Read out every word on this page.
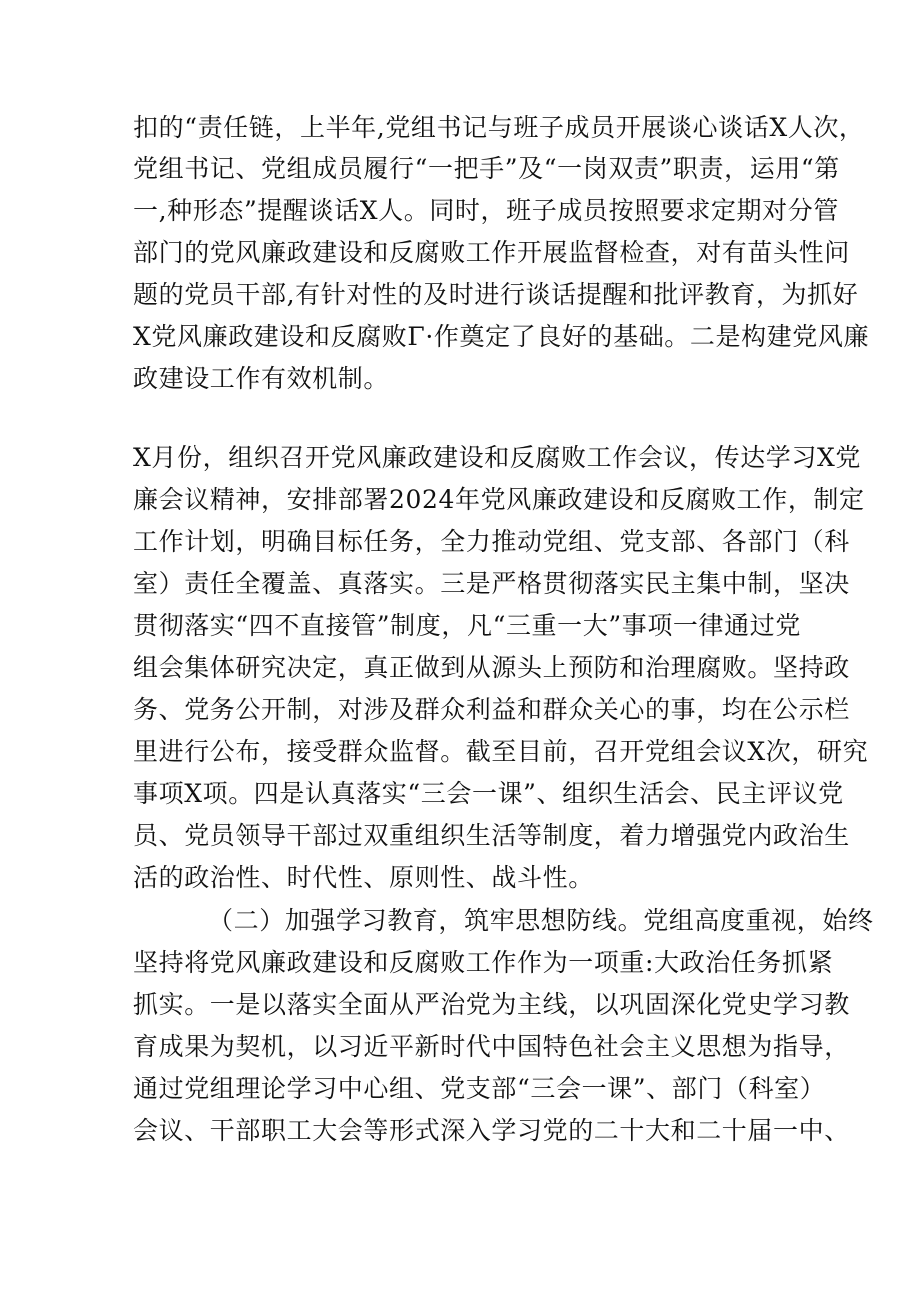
扣的“责任链，上半年,党组书记与班子成员开展谈心谈话X人次，
党组书记、党组成员履行“一把手”及“一岗双责”职责，运用“第
一,种形态”提醒谈话X人。同时，班子成员按照要求定期对分管
部门的党风廉政建设和反腐败工作开展监督检查，对有苗头性问
题的党员干部,有针对性的及时进行谈话提醒和批评教育，为抓好
X党风廉政建设和反腐败Γ·作奠定了良好的基础。二是构建党风廉
政建设工作有效机制。
X月份，组织召开党风廉政建设和反腐败工作会议，传达学习X党
廉会议精神，安排部署2024年党风廉政建设和反腐败工作，制定
工作计划，明确目标任务，全力推动党组、党支部、各部门（科
室）责任全覆盖、真落实。三是严格贯彻落实民主集中制，坚决
贯彻落实“四不直接管”制度，凡“三重一大”事项一律通过党
组会集体研究决定，真正做到从源头上预防和治理腐败。坚持政
务、党务公开制，对涉及群众利益和群众关心的事，均在公示栏
里进行公布，接受群众监督。截至目前，召开党组会议X次，研究
事项X项。四是认真落实“三会一课”、组织生活会、民主评议党
员、党员领导干部过双重组织生活等制度，着力增强党内政治生
活的政治性、时代性、原则性、战斗性。
（二）加强学习教育，筑牢思想防线。党组高度重视，始终
坚持将党风廉政建设和反腐败工作作为一项重:大政治任务抓紧
抓实。一是以落实全面从严治党为主线，以巩固深化党史学习教
育成果为契机，以习近平新时代中国特色社会主义思想为指导，
通过党组理论学习中心组、党支部“三会一课”、部门（科室）
会议、干部职工大会等形式深入学习党的二十大和二十届一中、
